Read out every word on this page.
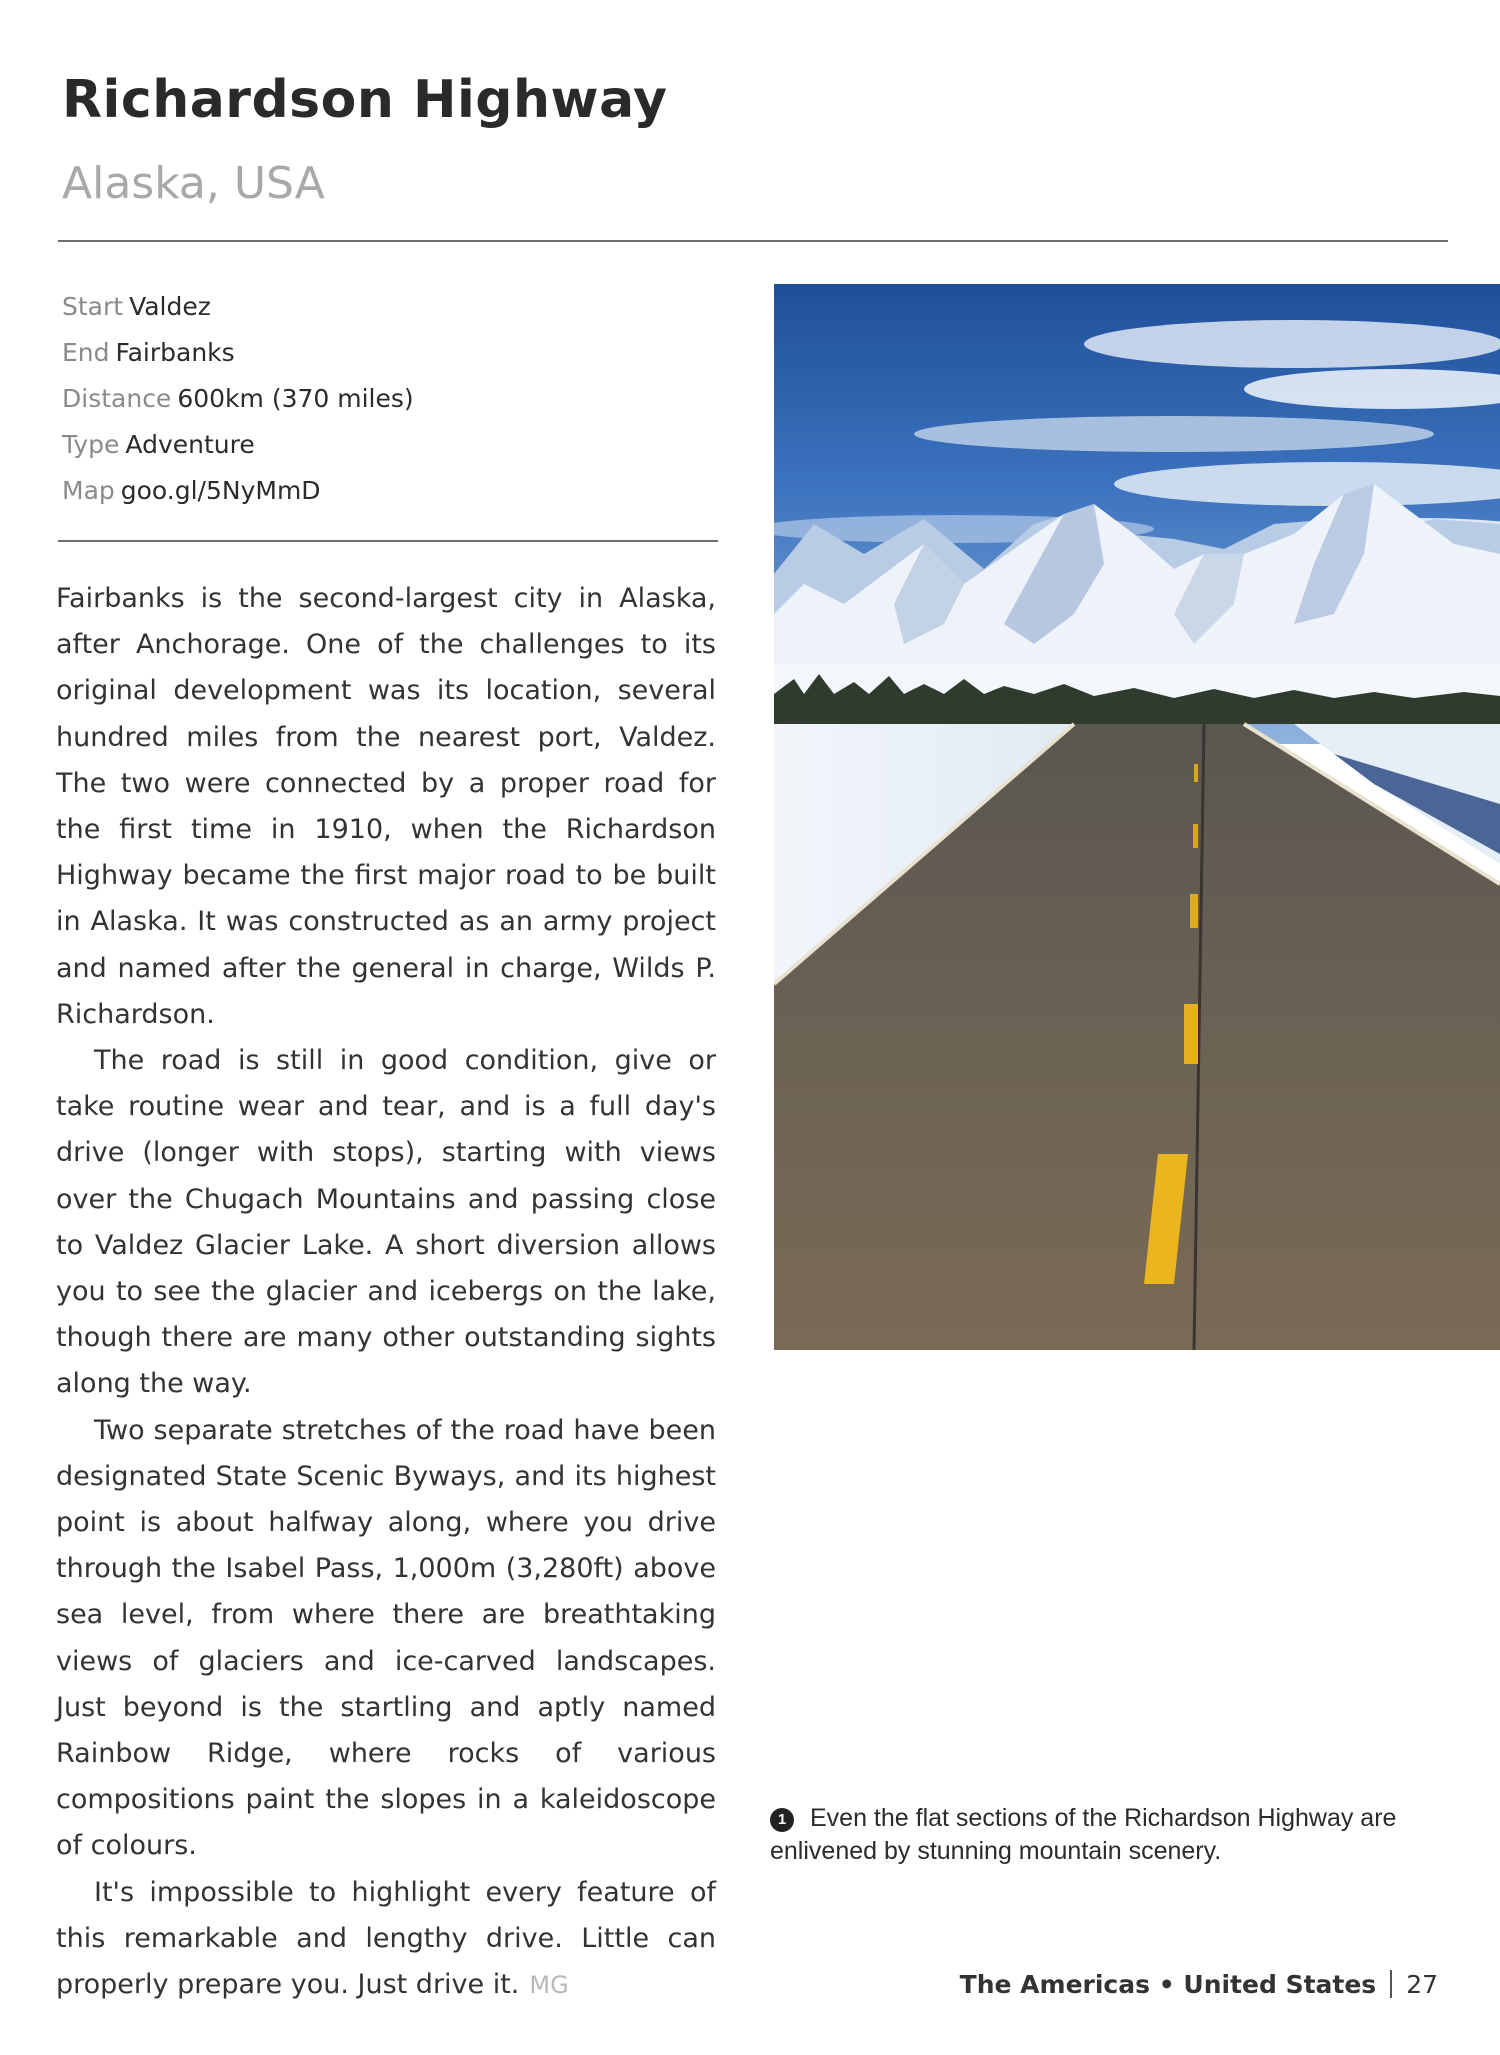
Richardson Highway
Alaska, USA
Start Valdez
End Fairbanks
Distance 600km (370 miles)
Type Adventure
Map goo.gl/5NyMmD

Fairbanks is the second-largest city in Alaska, after Anchorage. One of the challenges to its original development was its location, several hundred miles from the nearest port, Valdez. The two were connected by a proper road for the first time in 1910, when the Richardson Highway became the first major road to be built in Alaska. It was constructed as an army project and named after the general in charge, Wilds P. Richardson.

The road is still in good condition, give or take routine wear and tear, and is a full day's drive (longer with stops), starting with views over the Chugach Mountains and passing close to Valdez Glacier Lake. A short diversion allows you to see the glacier and icebergs on the lake, though there are many other outstanding sights along the way.

Two separate stretches of the road have been designated State Scenic Byways, and its highest point is about halfway along, where you drive through the Isabel Pass, 1,000m (3,280ft) above sea level, from where there are breathtaking views of glaciers and ice-carved landscapes. Just beyond is the startling and aptly named Rainbow Ridge, where rocks of various compositions paint the slopes in a kaleidoscope of colours.

It's impossible to highlight every feature of this remarkable and lengthy drive. Little can properly prepare you. Just drive it. MG

1 Even the flat sections of the Richardson Highway are enlivened by stunning mountain scenery.
The Americas • United States 27
